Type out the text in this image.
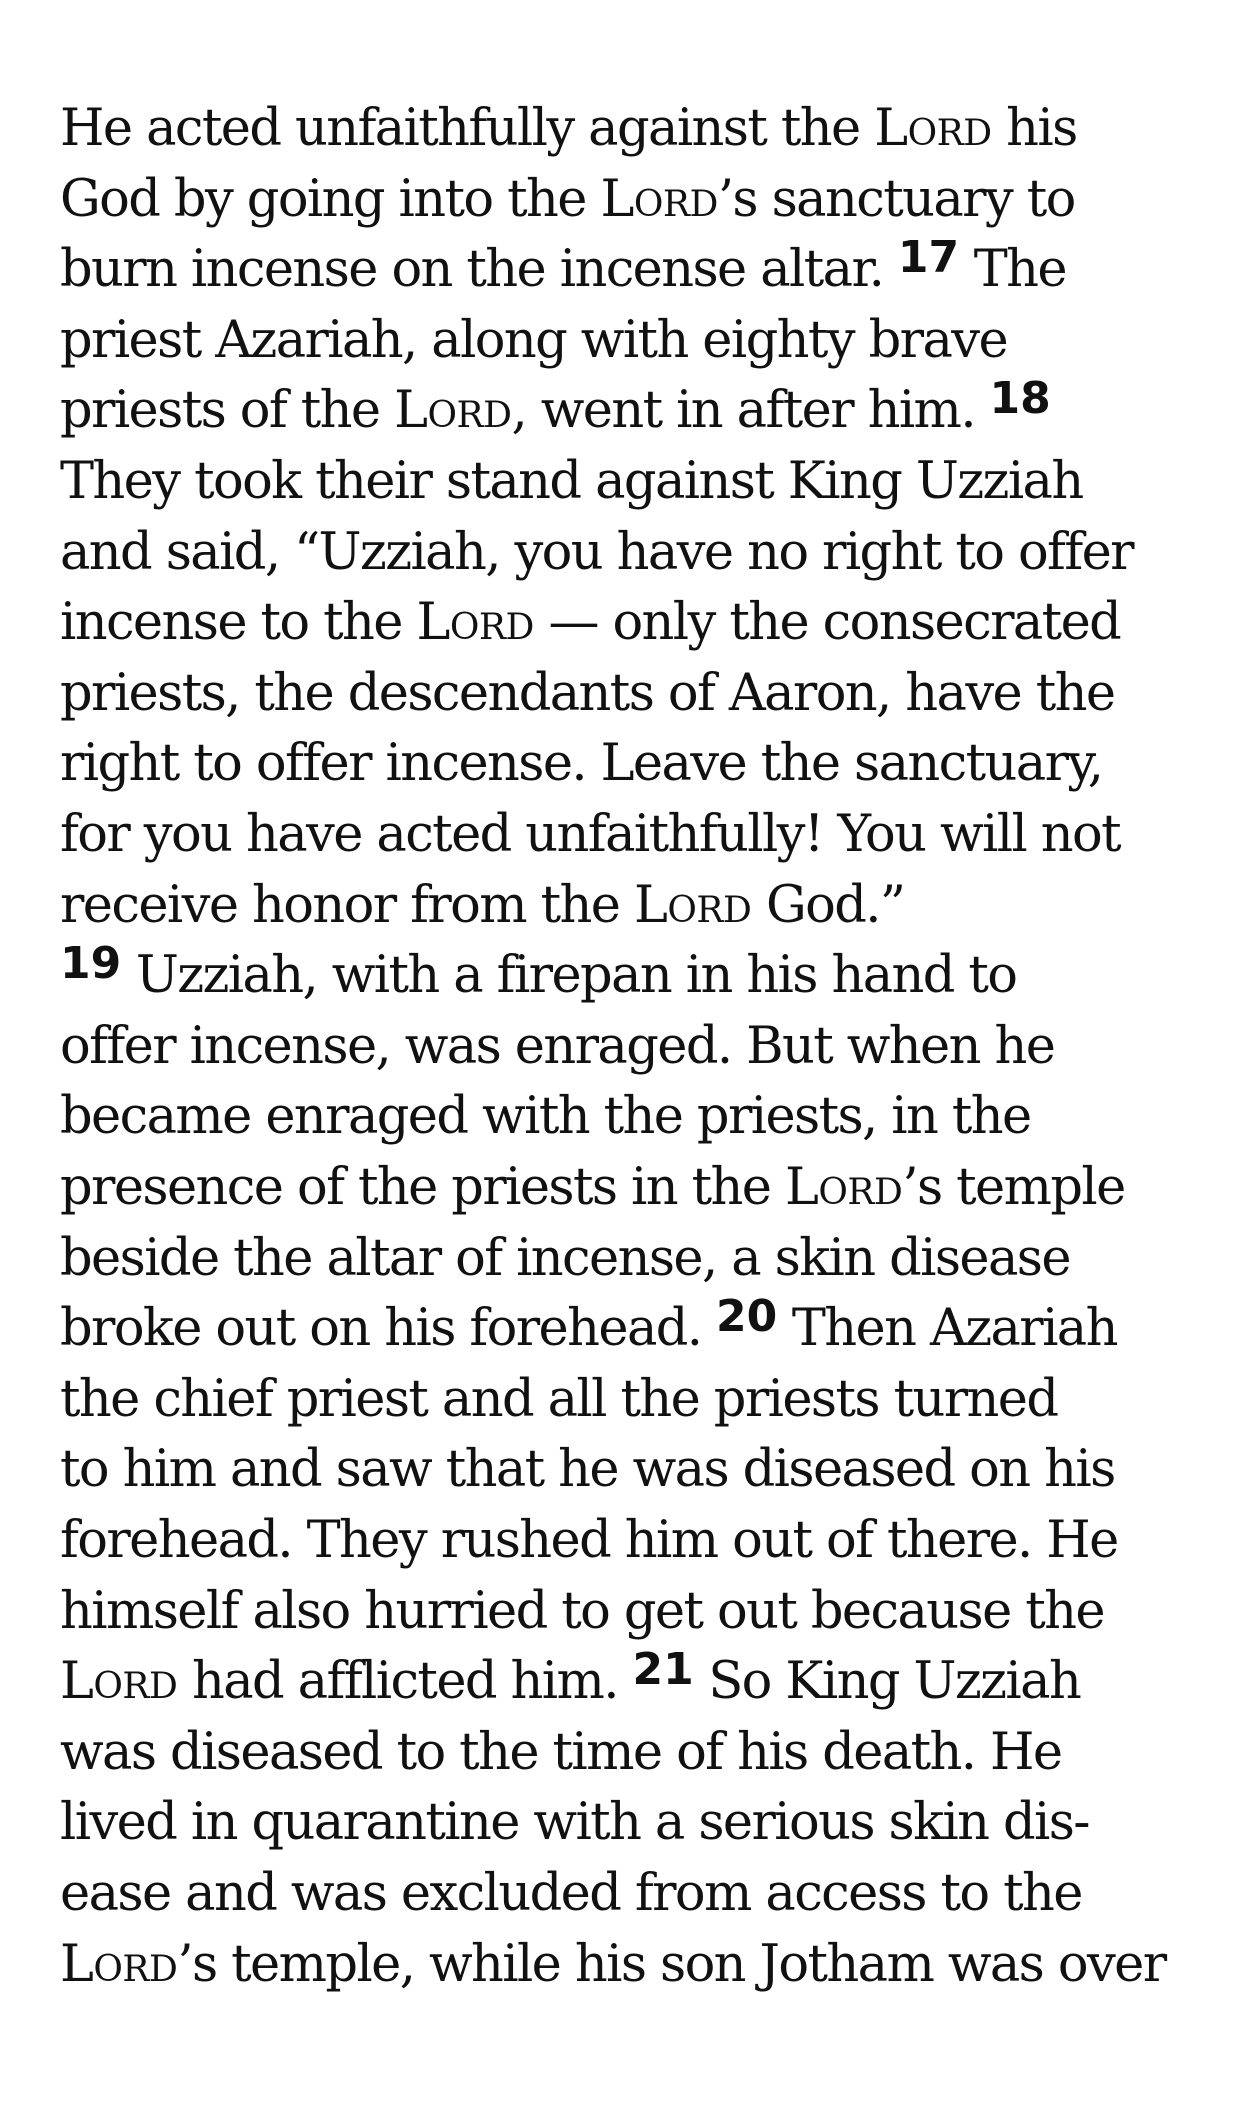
He acted unfaithfully against the Lord his
God by going into the Lord’s sanctuary to
burn incense on the incense altar. 17 The
priest Azariah, along with eighty brave
priests of the Lord, went in after him. 18
They took their stand against King Uzziah
and said, “Uzziah, you have no right to offer
incense to the Lord — only the consecrated
priests, the descendants of Aaron, have the
right to offer incense. Leave the sanctuary,
for you have acted unfaithfully! You will not
receive honor from the Lord God.”
19 Uzziah, with a firepan in his hand to
offer incense, was enraged. But when he
became enraged with the priests, in the
presence of the priests in the Lord’s temple
beside the altar of incense, a skin disease
broke out on his forehead. 20 Then Azariah
the chief priest and all the priests turned
to him and saw that he was diseased on his
forehead. They rushed him out of there. He
himself also hurried to get out because the
Lord had afflicted him. 21 So King Uzziah
was diseased to the time of his death. He
lived in quarantine with a serious skin dis-
ease and was excluded from access to the
Lord’s temple, while his son Jotham was over
